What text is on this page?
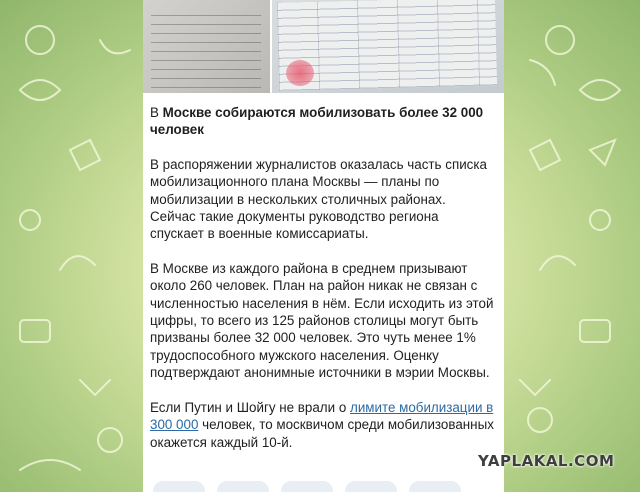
В Москве собираются мобилизовать более 32 000 человек

В распоряжении журналистов оказалась часть списка мобилизационного плана Москвы — планы по мобилизации в нескольких столичных районах. Сейчас такие документы руководство региона спускает в военные комиссариаты.

В Москве из каждого района в среднем призывают около 260 человек. План на район никак не связан с численностью населения в нём. Если исходить из этой цифры, то всего из 125 районов столицы могут быть призваны более 32 000 человек. Это чуть менее 1% трудоспособного мужского населения. Оценку подтверждают анонимные источники в мэрии Москвы.

Если Путин и Шойгу не врали о лимите мобилизации в 300 000 человек, то москвичом среди мобилизованных окажется каждый 10-й.

YAPLAKAL.COM
